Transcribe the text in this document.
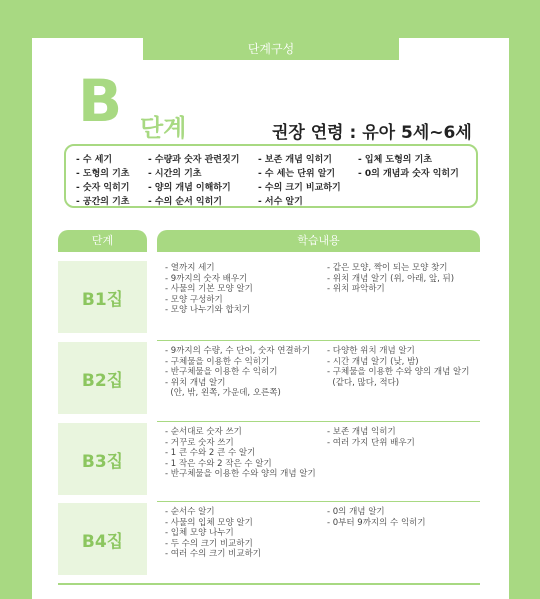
단계구성
B 단계	권장 연령 : 유아 5세~6세
- 수 세기
- 도형의 기초
- 숫자 익히기
- 공간의 기초
- 수량과 숫자 관련짓기
- 시간의 기초
- 양의 개념 이해하기
- 수의 순서 익히기
- 보존 개념 익히기
- 수 세는 단위 알기
- 수의 크기 비교하기
- 서수 알기
- 입체 도형의 기초
- 0의 개념과 숫자 익히기
단계	학습내용
B1집
- 열까지 세기
- 9까지의 숫자 배우기
- 사물의 기본 모양 알기
- 모양 구성하기
- 모양 나누기와 합치기
- 같은 모양, 짝이 되는 모양 찾기
- 위치 개념 알기 (위, 아래, 앞, 뒤)
- 위치 파악하기
B2집
- 9까지의 수량, 수 단어, 숫자 연결하기
- 구체물을 이용한 수 익히기
- 반구체물을 이용한 수 익히기
- 위치 개념 알기
(안, 밖, 왼쪽, 가운데, 오른쪽)
- 다양한 위치 개념 알기
- 시간 개념 알기 (낮, 밤)
- 구체물을 이용한 수와 양의 개념 알기
(같다, 많다, 적다)
B3집
- 순서대로 숫자 쓰기
- 거꾸로 숫자 쓰기
- 1 큰 수와 2 큰 수 알기
- 1 작은 수와 2 작은 수 알기
- 반구체물을 이용한 수와 양의 개념 알기
- 보존 개념 익히기
- 여러 가지 단위 배우기
B4집
- 순서수 알기
- 사물의 입체 모양 알기
- 입체 모양 나누기
- 두 수의 크기 비교하기
- 여러 수의 크기 비교하기
- 0의 개념 알기
- 0부터 9까지의 수 익히기
